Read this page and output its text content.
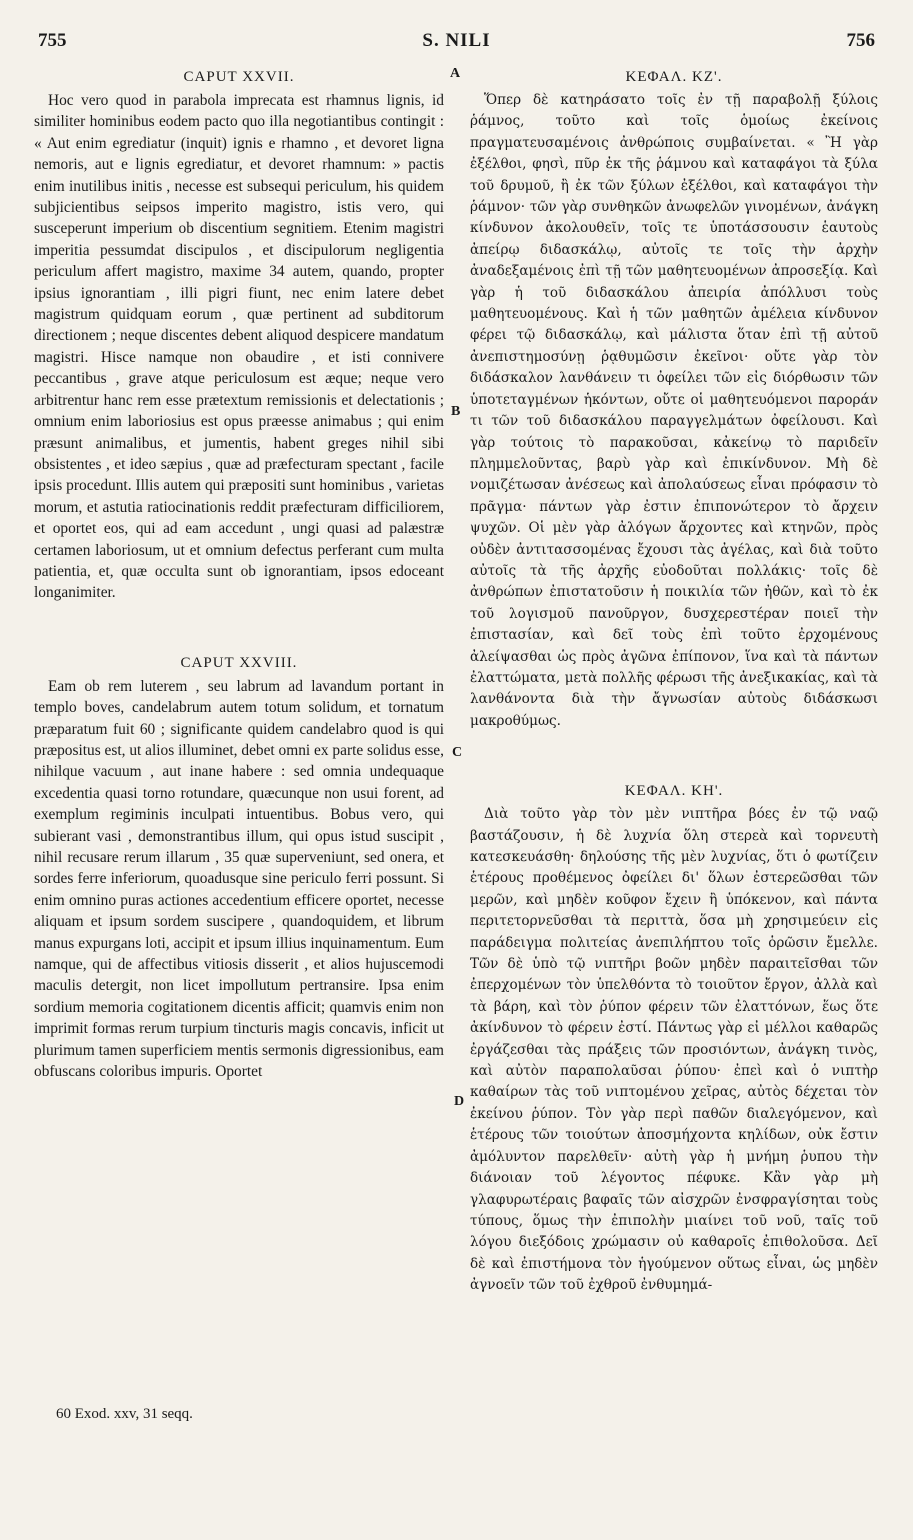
755	S. NILI	756
A
B
C
D
CAPUT XXVII.

Hoc vero quod in parabola imprecata est rhamnus lignis, id similiter hominibus eodem pacto quo illa negotiantibus contingit : « Aut enim egrediatur (inquit) ignis e rhamno , et devoret ligna nemoris, aut e lignis egrediatur, et devoret rhamnum: » pactis enim inutilibus initis , necesse est subsequi periculum, his quidem subjicientibus seipsos imperito magistro, istis vero, qui susceperunt imperium ob discentium segnitiem. Etenim magistri imperitia pessumdat discipulos , et discipulorum negligentia periculum affert magistro, maxime 34 autem, quando, propter ipsius ignorantiam , illi pigri fiunt, nec enim latere debet magistrum quidquam eorum , quæ pertinent ad subditorum directionem ; neque discentes debent aliquod despicere mandatum magistri. Hisce namque non obaudire , et isti connivere peccantibus , grave atque periculosum est æque; neque vero arbitrentur hanc rem esse prætextum remissionis et delectationis ; omnium enim laboriosius est opus præesse animabus ; qui enim præsunt animalibus, et jumentis, habent greges nihil sibi obsistentes , et ideo sæpius , quæ ad præfecturam spectant , facile ipsis procedunt. Illis autem qui præpositi sunt hominibus , varietas morum, et astutia ratiocinationis reddit præfecturam difficiliorem, et oportet eos, qui ad eam accedunt , ungi quasi ad palæstræ certamen laboriosum, ut et omnium defectus perferant cum multa patientia, et, quæ occulta sunt ob ignorantiam, ipsos edoceant longanimiter.

CAPUT XXVIII.

Eam ob rem luterem , seu labrum ad lavandum portant in templo boves, candelabrum autem totum solidum, et tornatum præparatum fuit 60 ; significante quidem candelabro quod is qui præpositus est, ut alios illuminet, debet omni ex parte solidus esse, nihilque vacuum , aut inane habere : sed omnia undequaque excedentia quasi torno rotundare, quæcunque non usui forent, ad exemplum regiminis inculpati intuentibus. Bobus vero, qui subierant vasi , demonstrantibus illum, qui opus istud suscipit , nihil recusare rerum illarum , 35 quæ superveniunt, sed onera, et sordes ferre inferiorum, quoadusque sine periculo ferri possunt. Si enim omnino puras actiones accedentium efficere oportet, necesse aliquam et ipsum sordem suscipere , quandoquidem, et librum manus expurgans loti, accipit et ipsum illius inquinamentum. Eum namque, qui de affectibus vitiosis disserit , et alios hujuscemodi maculis detergit, non licet impollutum pertransire. Ipsa enim sordium memoria cogitationem dicentis afficit; quamvis enim non imprimit formas rerum turpium tincturis magis concavis, inficit ut plurimum tamen superficiem mentis sermonis digressionibus, eam obfuscans coloribus impuris. Oportet

ΚΕΦΑΛ. ΚΖ'.

Ὅπερ δὲ κατηράσατο τοῖς ἐν τῇ παραβολῇ ξύλοις ῥάμνος, τοῦτο καὶ τοῖς ὁμοίως ἐκείνοις πραγματευσαμένοις ἀνθρώποις συμβαίνεται. « Ἢ γὰρ ἐξέλθοι, φησὶ, πῦρ ἐκ τῆς ῥάμνου καὶ καταφάγοι τὰ ξύλα τοῦ δρυμοῦ, ἢ ἐκ τῶν ξύλων ἐξέλθοι, καὶ καταφάγοι τὴν ῥάμνον· τῶν γὰρ συνθηκῶν ἀνωφελῶν γινομένων, ἀνάγκη κίνδυνον ἀκολουθεῖν, τοῖς τε ὑποτάσσουσιν ἑαυτοὺς ἀπείρῳ διδασκάλῳ, αὐτοῖς τε τοῖς τὴν ἀρχὴν ἀναδεξαμένοις ἐπὶ τῇ τῶν μαθητευομένων ἀπροσεξίᾳ. Καὶ γὰρ ἡ τοῦ διδασκάλου ἀπειρία ἀπόλλυσι τοὺς μαθητευομένους. Καὶ ἡ τῶν μαθητῶν ἀμέλεια κίνδυνον φέρει τῷ διδασκάλῳ, καὶ μάλιστα ὅταν ἐπὶ τῇ αὐτοῦ ἀνεπιστημοσύνῃ ῥᾳθυμῶσιν ἐκεῖνοι· οὔτε γὰρ τὸν διδάσκαλον λανθάνειν τι ὀφείλει τῶν εἰς διόρθωσιν τῶν ὑποτεταγμένων ἡκόντων, οὔτε οἱ μαθητευόμενοι παροράν τι τῶν τοῦ διδασκάλου παραγγελμάτων ὀφείλουσι. Καὶ γὰρ τούτοις τὸ παρακοῦσαι, κἀκείνῳ τὸ παριδεῖν πλημμελοῦντας, βαρὺ γὰρ καὶ ἐπικίνδυνον. Μὴ δὲ νομιζέτωσαν ἀνέσεως καὶ ἀπολαύσεως εἶναι πρόφασιν τὸ πρᾶγμα· πάντων γὰρ ἐστιν ἐπιπονώτερον τὸ ἄρχειν ψυχῶν. Οἱ μὲν γὰρ ἀλόγων ἄρχοντες καὶ κτηνῶν, πρὸς οὐδὲν ἀντιτασσομένας ἔχουσι τὰς ἀγέλας, καὶ διὰ τοῦτο αὐτοῖς τὰ τῆς ἀρχῆς εὐοδοῦται πολλάκις· τοῖς δὲ ἀνθρώπων ἐπιστατοῦσιν ἡ ποικιλία τῶν ἠθῶν, καὶ τὸ ἐκ τοῦ λογισμοῦ πανοῦργον, δυσχερεστέραν ποιεῖ τὴν ἐπιστασίαν, καὶ δεῖ τοὺς ἐπὶ τοῦτο ἐρχομένους ἀλείψασθαι ὡς πρὸς ἀγῶνα ἐπίπονον, ἵνα καὶ τὰ πάντων ἐλαττώματα, μετὰ πολλῆς φέρωσι τῆς ἀνεξικακίας, καὶ τὰ λανθάνοντα διὰ τὴν ἄγνωσίαν αὐτοὺς διδάσκωσι μακροθύμως.

ΚΕΦΑΛ. ΚΗ'.

Διὰ τοῦτο γὰρ τὸν μὲν νιπτῆρα βόες ἐν τῷ ναῷ βαστάζουσιν, ἡ δὲ λυχνία ὅλη στερεὰ καὶ τορνευτὴ κατεσκευάσθη· δηλούσης τῆς μὲν λυχνίας, ὅτι ὁ φωτίζειν ἑτέρους προθέμενος ὀφείλει δι' ὅλων ἐστερεῶσθαι τῶν μερῶν, καὶ μηδὲν κοῦφον ἔχειν ἢ ὑπόκενον, καὶ πάντα περιτετορνεῦσθαι τὰ περιττὰ, ὅσα μὴ χρησιμεύειν εἰς παράδειγμα πολιτείας ἀνεπιλήπτου τοῖς ὁρῶσιν ἔμελλε. Τῶν δὲ ὑπὸ τῷ νιπτῆρι βοῶν μηδὲν παραιτεῖσθαι τῶν ἐπερχομένων τὸν ὑπελθόντα τὸ τοιοῦτον ἔργον, ἀλλὰ καὶ τὰ βάρη, καὶ τὸν ῥύπον φέρειν τῶν ἐλαττόνων, ἕως ὅτε ἀκίνδυνον τὸ φέρειν ἐστί. Πάντως γὰρ εἰ μέλλοι καθαρῶς ἐργάζεσθαι τὰς πράξεις τῶν προσιόντων, ἀνάγκη τινὸς, καὶ αὐτὸν παραπολαῦσαι ῥύπου· ἐπεὶ καὶ ὁ νιπτὴρ καθαίρων τὰς τοῦ νιπτομένου χεῖρας, αὐτὸς δέχεται τὸν ἐκείνου ῥύπον. Τὸν γὰρ περὶ παθῶν διαλεγόμενον, καὶ ἑτέρους τῶν τοιούτων ἀποσμήχοντα κηλίδων, οὐκ ἔστιν ἀμόλυντον παρελθεῖν· αὐτὴ γὰρ ἡ μνήμη ῥυπου τὴν διάνοιαν τοῦ λέγοντος πέφυκε. Κἂν γὰρ μὴ γλαφυρωτέραις βαφαῖς τῶν αἰσχρῶν ἐνσφραγίσηται τοὺς τύπους, ὅμως τὴν ἐπιπολὴν μιαίνει τοῦ νοῦ, ταῖς τοῦ λόγου διεξόδοις χρώμασιν οὐ καθαροῖς ἐπιθολοῦσα. Δεῖ δὲ καὶ ἐπιστήμονα τὸν ἡγούμενον οὕτως εἶναι, ὡς μηδὲν ἀγνοεῖν τῶν τοῦ ἐχθροῦ ἐνθυμημά-

60 Exod. xxv, 31 seqq.
